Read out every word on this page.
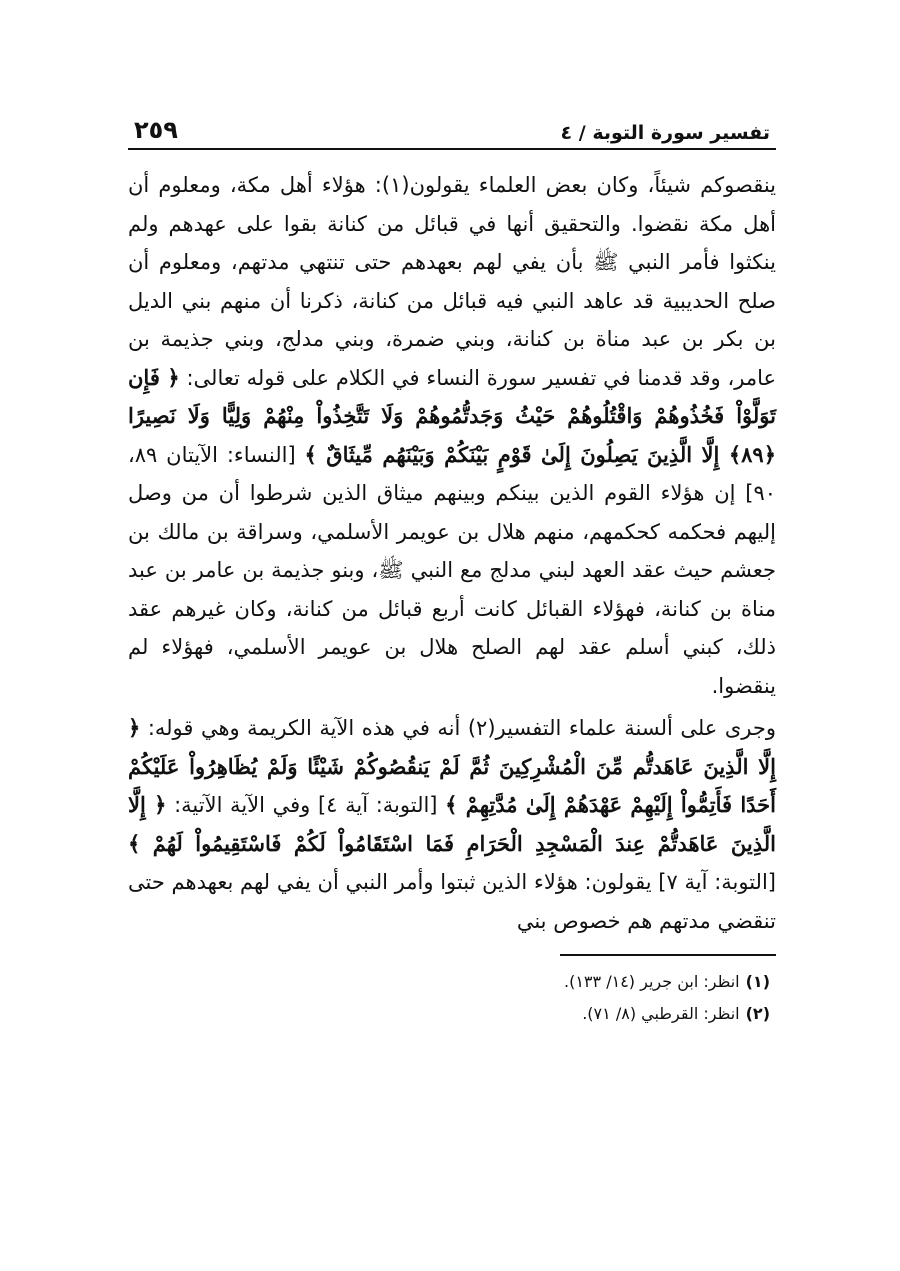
تفسير سورة التوبة / ٤
٢٥٩

ينقصوكم شيئاً، وكان بعض العلماء يقولون(١): هؤلاء أهل مكة، ومعلوم أن أهل مكة نقضوا. والتحقيق أنها في قبائل من كنانة بقوا على عهدهم ولم ينكثوا فأمر النبي ﷺ بأن يفي لهم بعهدهم حتى تنتهي مدتهم، ومعلوم أن صلح الحديبية قد عاهد النبي فيه قبائل من كنانة، ذكرنا أن منهم بني الديل بن بكر بن عبد مناة بن كنانة، وبني ضمرة، وبني مدلج، وبني جذيمة بن عامر، وقد قدمنا في تفسير سورة النساء في الكلام على قوله تعالى: ﴿ فَإِن تَوَلَّوْاْ فَخُذُوهُمْ وَاقْتُلُوهُمْ حَيْثُ وَجَدتُّمُوهُمْ وَلَا تَتَّخِذُواْ مِنْهُمْ وَلِيًّا وَلَا نَصِيرًا ﴿٨٩﴾ إِلَّا الَّذِينَ يَصِلُونَ إِلَىٰ قَوْمٍ بَيْنَكُمْ وَبَيْنَهُم مِّيثَاقٌ ﴾ [النساء: الآيتان ٨٩، ٩٠] إن هؤلاء القوم الذين بينكم وبينهم ميثاق الذين شرطوا أن من وصل إليهم فحكمه كحكمهم، منهم هلال بن عويمر الأسلمي، وسراقة بن مالك بن جعشم حيث عقد العهد لبني مدلج مع النبي ﷺ، وبنو جذيمة بن عامر بن عبد مناة بن كنانة، فهؤلاء القبائل كانت أربع قبائل من كنانة، وكان غيرهم عقد ذلك، كبني أسلم عقد لهم الصلح هلال بن عويمر الأسلمي، فهؤلاء لم ينقضوا.

وجرى على ألسنة علماء التفسير(٢) أنه في هذه الآية الكريمة وهي قوله: ﴿ إِلَّا الَّذِينَ عَاهَدتُّم مِّنَ الْمُشْرِكِينَ ثُمَّ لَمْ يَنقُصُوكُمْ شَيْئًا وَلَمْ يُظَاهِرُواْ عَلَيْكُمْ أَحَدًا فَأَتِمُّواْ إِلَيْهِمْ عَهْدَهُمْ إِلَىٰ مُدَّتِهِمْ ﴾ [التوبة: آية ٤] وفي الآية الآتية: ﴿ إِلَّا الَّذِينَ عَاهَدتُّمْ عِندَ الْمَسْجِدِ الْحَرَامِ فَمَا اسْتَقَامُواْ لَكُمْ فَاسْتَقِيمُواْ لَهُمْ ﴾ [التوبة: آية ٧] يقولون: هؤلاء الذين ثبتوا وأمر النبي أن يفي لهم بعهدهم حتى تنقضي مدتهم هم خصوص بني

(١)انظر: ابن جرير (١٤/ ١٣٣).

(٢)انظر: القرطبي (٨/ ٧١).
